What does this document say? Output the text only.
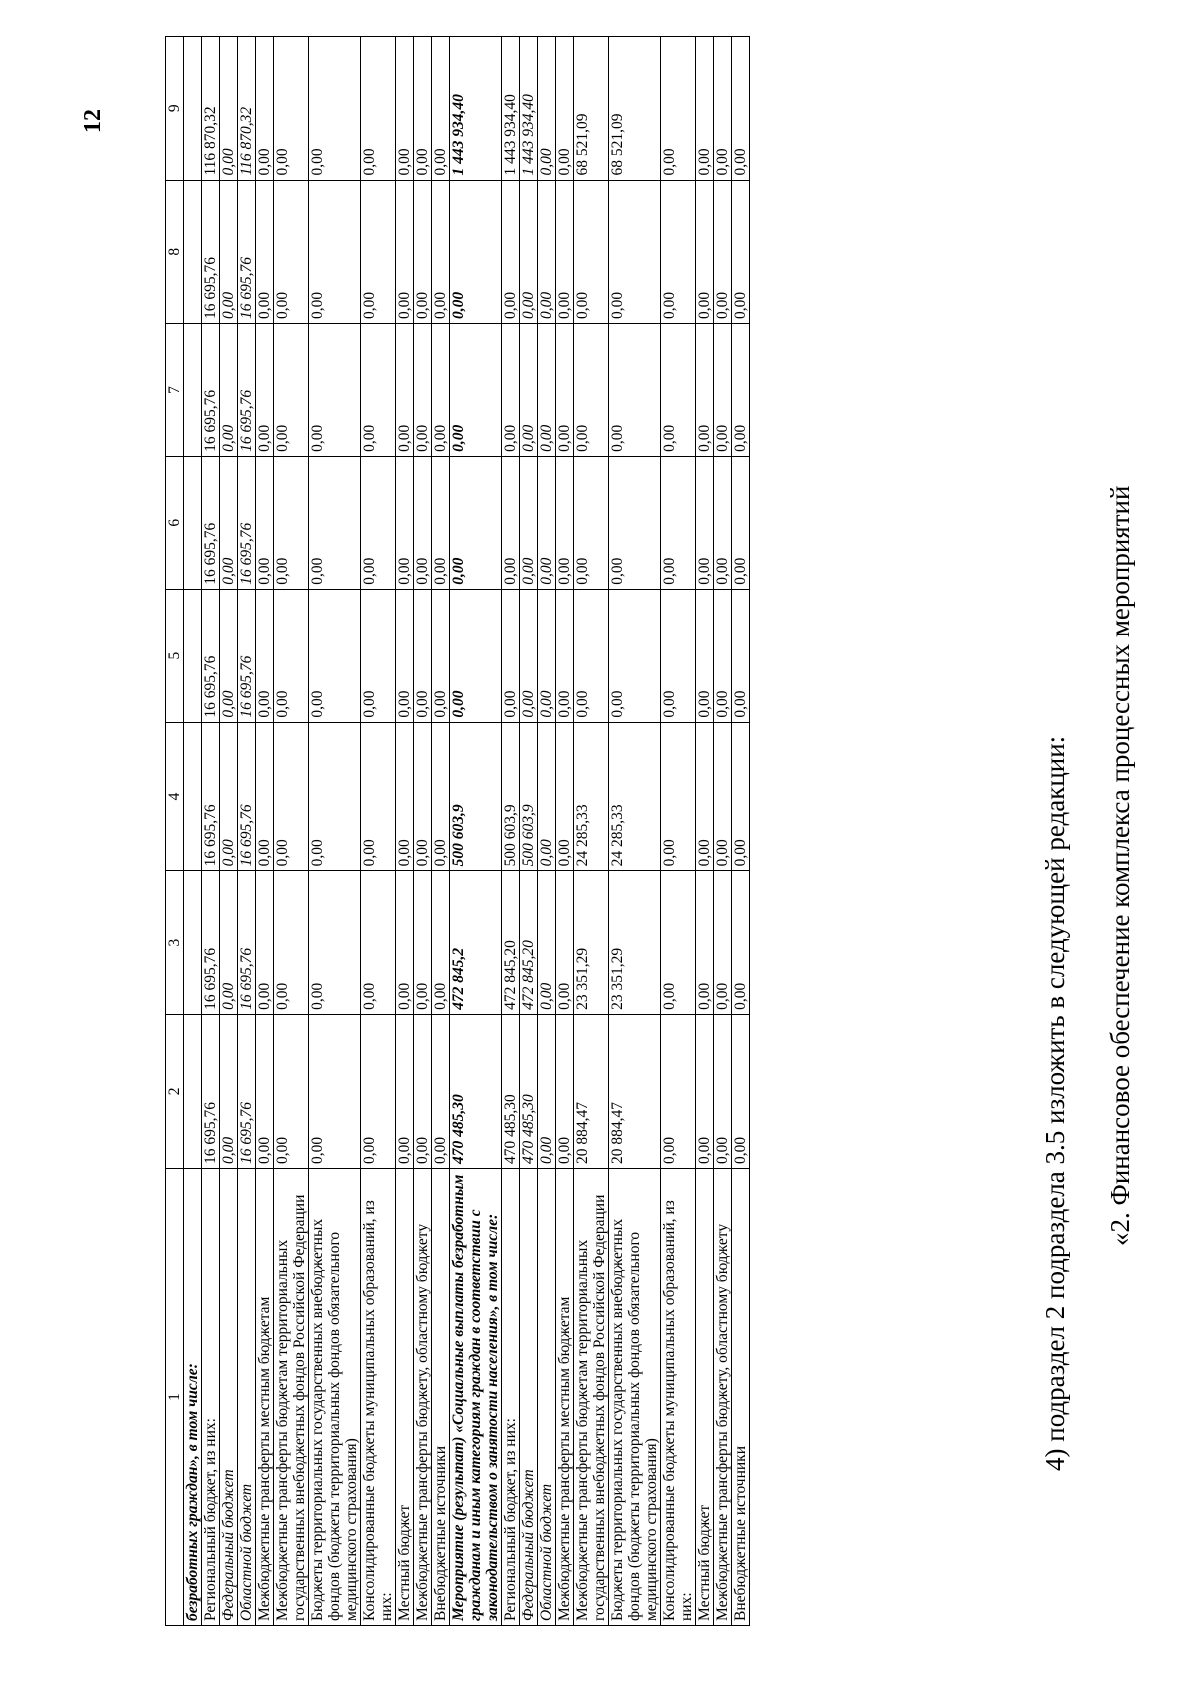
12
1	2	3	4	5	6	7	8	9
безработных граждан», в том числе:								
Региональный бюджет, из них:	16 695,76	16 695,76	16 695,76	16 695,76	16 695,76	16 695,76	16 695,76	116 870,32
Федеральный бюджет	0,00	0,00	0,00	0,00	0,00	0,00	0,00	0,00
Областной бюджет	16 695,76	16 695,76	16 695,76	16 695,76	16 695,76	16 695,76	16 695,76	116 870,32
Межбюджетные трансферты местным бюджетам	0,00	0,00	0,00	0,00	0,00	0,00	0,00	0,00
Межбюджетные трансферты бюджетам территориальных государственных внебюджетных фондов Российской Федерации	0,00	0,00	0,00	0,00	0,00	0,00	0,00	0,00
Бюджеты территориальных государственных внебюджетных фондов (бюджеты территориальных фондов обязательного медицинского страхования)	0,00	0,00	0,00	0,00	0,00	0,00	0,00	0,00
Консолидированные бюджеты муниципальных образований, из них:	0,00	0,00	0,00	0,00	0,00	0,00	0,00	0,00
Местный бюджет	0,00	0,00	0,00	0,00	0,00	0,00	0,00	0,00
Межбюджетные трансферты бюджету, областному бюджету	0,00	0,00	0,00	0,00	0,00	0,00	0,00	0,00
Внебюджетные источники	0,00	0,00	0,00	0,00	0,00	0,00	0,00	0,00
Мероприятие (результат) «Социальные выплаты безработным гражданам и иным категориям граждан в соответствии с законодательством о занятости населения», в том числе:	470 485,30	472 845,2	500 603,9	0,00	0,00	0,00	0,00	1 443 934,40
Региональный бюджет, из них:	470 485,30	472 845,20	500 603,9	0,00	0,00	0,00	0,00	1 443 934,40
Федеральный бюджет	470 485,30	472 845,20	500 603,9	0,00	0,00	0,00	0,00	1 443 934,40
Областной бюджет	0,00	0,00	0,00	0,00	0,00	0,00	0,00	0,00
Межбюджетные трансферты местным бюджетам	0,00	0,00	0,00	0,00	0,00	0,00	0,00	0,00
Межбюджетные трансферты бюджетам территориальных государственных внебюджетных фондов Российской Федерации	20 884,47	23 351,29	24 285,33	0,00	0,00	0,00	0,00	68 521,09
Бюджеты территориальных государственных внебюджетных фондов (бюджеты территориальных фондов обязательного медицинского страхования)	20 884,47	23 351,29	24 285,33	0,00	0,00	0,00	0,00	68 521,09
Консолидированные бюджеты муниципальных образований, из них:	0,00	0,00	0,00	0,00	0,00	0,00	0,00	0,00
Местный бюджет	0,00	0,00	0,00	0,00	0,00	0,00	0,00	0,00
Межбюджетные трансферты бюджету, областному бюджету	0,00	0,00	0,00	0,00	0,00	0,00	0,00	0,00
Внебюджетные источники	0,00	0,00	0,00	0,00	0,00	0,00	0,00	0,00
4) подраздел 2 подраздела 3.5 изложить в следующей редакции: «2. Финансовое обеспечение комплекса процессных мероприятий
